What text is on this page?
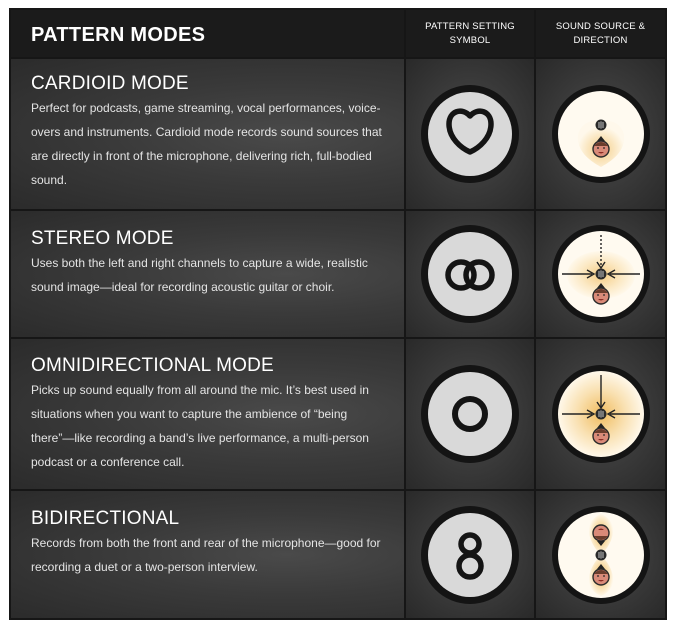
PATTERN MODES	PATTERN SETTING SYMBOL
SOUND SOURCE & DIRECTION
CARDIOID MODE
Perfect for podcasts, game streaming, vocal performances, voice-overs and instruments. Cardioid mode records sound sources that are directly in front of the microphone, delivering rich, full-bodied sound.
STEREO MODE
Uses both the left and right channels to capture a wide, realistic sound image—ideal for recording acoustic guitar or choir.
OMNIDIRECTIONAL MODE
Picks up sound equally from all around the mic. It’s best used in situations when you want to capture the ambience of “being there”—like recording a band’s live performance, a multi-person podcast or a conference call.
BIDIRECTIONAL
Records from both the front and rear of the microphone—good for recording a duet or a two-person interview.
